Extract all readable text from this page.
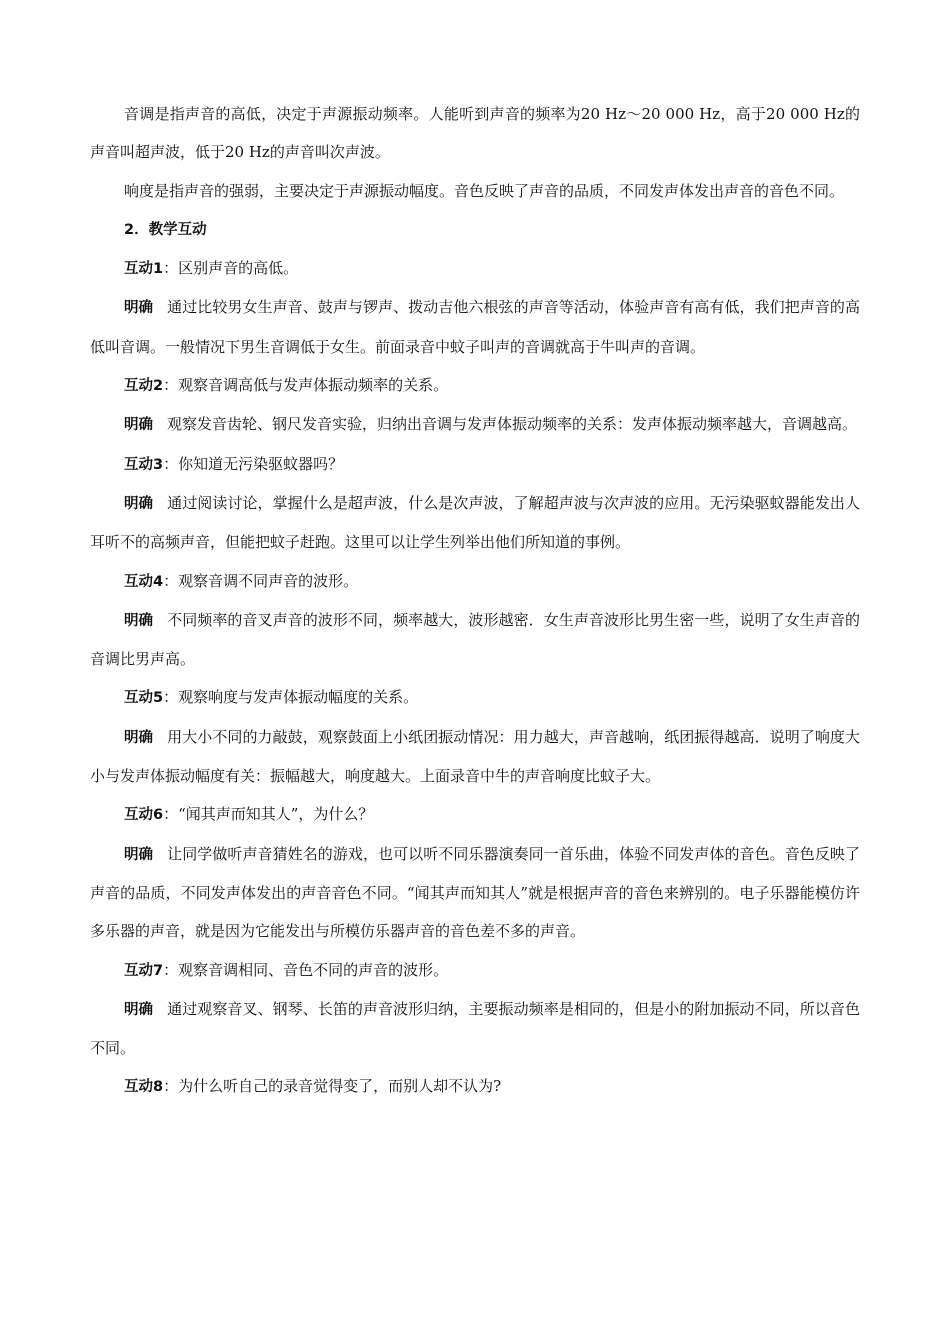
音调是指声音的高低，决定于声源振动频率。人能听到声音的频率为20 Hz～20 000 Hz，高于20 000 Hz的声音叫超声波，低于20 Hz的声音叫次声波。

响度是指声音的强弱，主要决定于声源振动幅度。音色反映了声音的品质，不同发声体发出声音的音色不同。

2．教学互动

互动1：区别声音的高低。

明确 通过比较男女生声音、鼓声与锣声、拨动吉他六根弦的声音等活动，体验声音有高有低，我们把声音的高低叫音调。一般情况下男生音调低于女生。前面录音中蚊子叫声的音调就高于牛叫声的音调。

互动2：观察音调高低与发声体振动频率的关系。

明确 观察发音齿轮、钢尺发音实验，归纳出音调与发声体振动频率的关系：发声体振动频率越大，音调越高。

互动3：你知道无污染驱蚊器吗？

明确 通过阅读讨论，掌握什么是超声波，什么是次声波，了解超声波与次声波的应用。无污染驱蚊器能发出人耳听不的高频声音，但能把蚊子赶跑。这里可以让学生列举出他们所知道的事例。

互动4：观察音调不同声音的波形。

明确 不同频率的音叉声音的波形不同，频率越大，波形越密．女生声音波形比男生密一些，说明了女生声音的音调比男声高。

互动5：观察响度与发声体振动幅度的关系。

明确 用大小不同的力敲鼓，观察鼓面上小纸团振动情况：用力越大，声音越响，纸团振得越高．说明了响度大小与发声体振动幅度有关：振幅越大，响度越大。上面录音中牛的声音响度比蚊子大。

互动6：“闻其声而知其人”，为什么？

明确 让同学做听声音猜姓名的游戏，也可以听不同乐器演奏同一首乐曲，体验不同发声体的音色。音色反映了声音的品质，不同发声体发出的声音音色不同。“闻其声而知其人”就是根据声音的音色来辨别的。电子乐器能模仿许多乐器的声音，就是因为它能发出与所模仿乐器声音的音色差不多的声音。

互动7：观察音调相同、音色不同的声音的波形。

明确 通过观察音叉、钢琴、长笛的声音波形归纳，主要振动频率是相同的，但是小的附加振动不同，所以音色不同。

互动8：为什么听自己的录音觉得变了，而别人却不认为?
